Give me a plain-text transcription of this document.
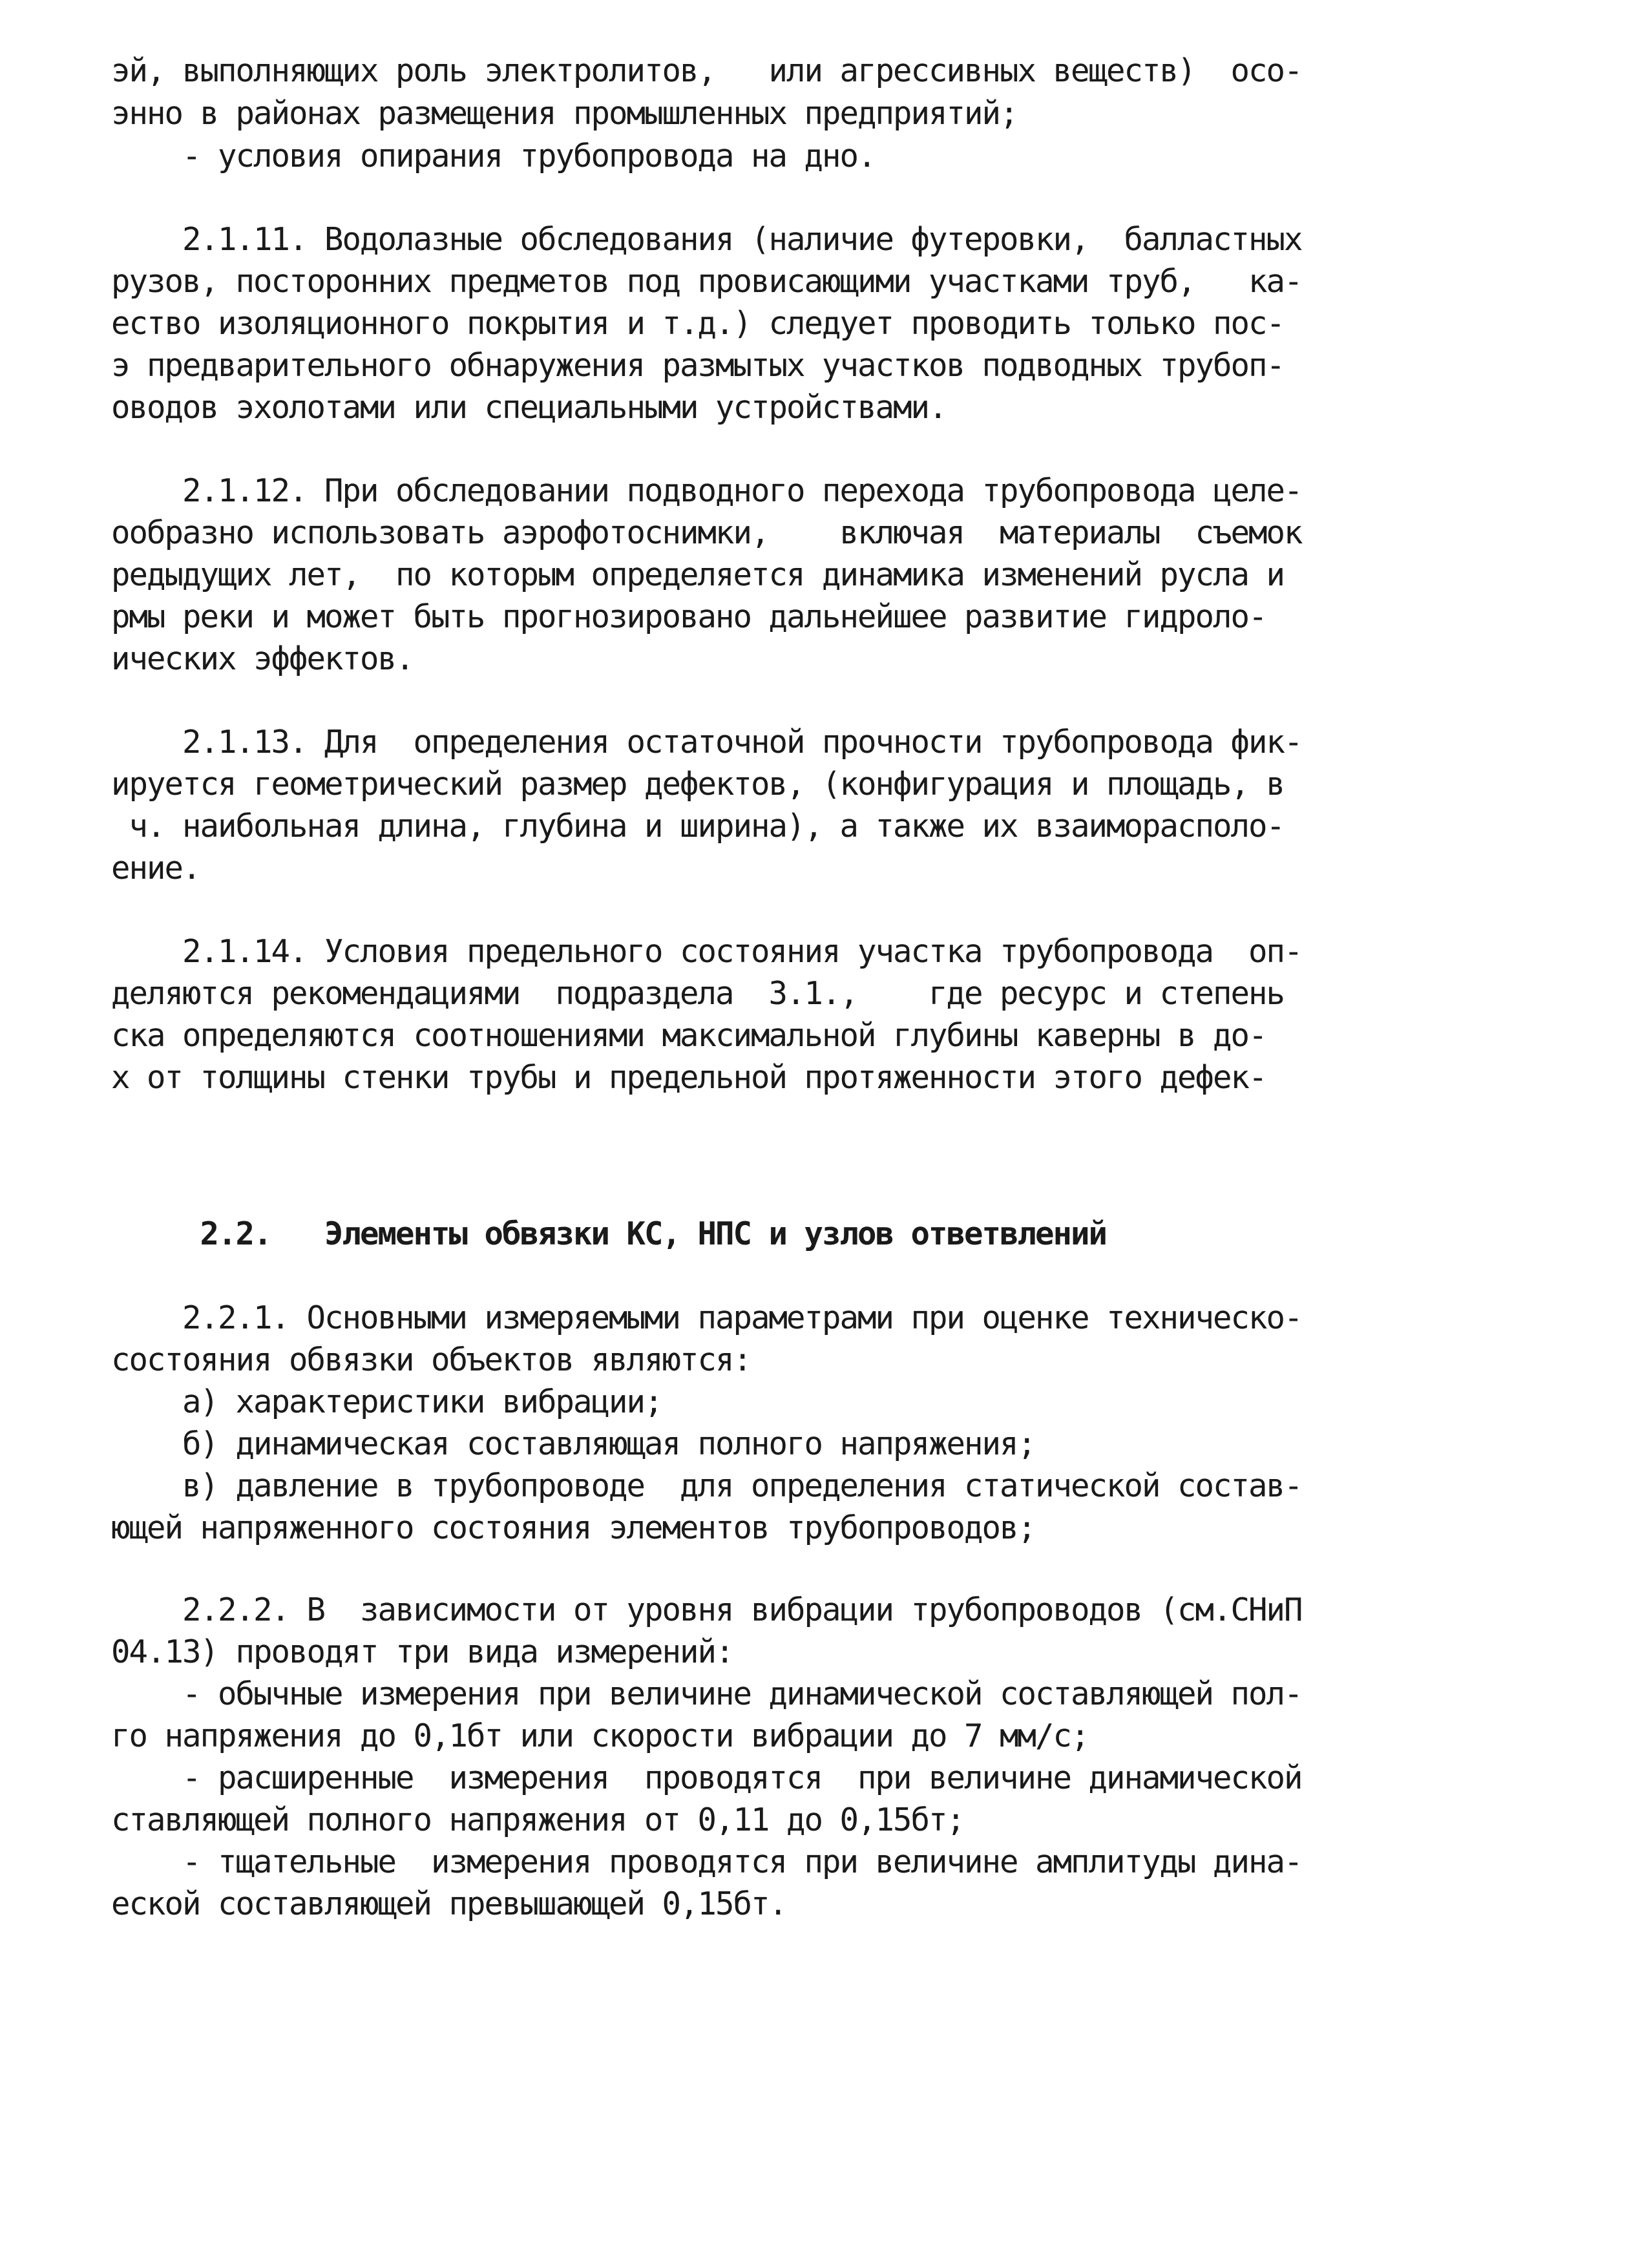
эй, выполняющих роль электролитов,   или агрессивных веществ)  осо-
энно в районах размещения промышленных предприятий;
- условия опирания трубопровода на дно.
2.1.11. Водолазные обследования (наличие футеровки,  балластных
рузов, посторонних предметов под провисающими участками труб,   ка-
ество изоляционного покрытия и т.д.) следует проводить только пос-
э предварительного обнаружения размытых участков подводных трубоп-
оводов эхолотами или специальными устройствами.
2.1.12. При обследовании подводного перехода трубопровода целе-
ообразно использовать аэрофотоснимки,    включая  материалы  съемок
редыдущих лет,  по которым определяется динамика изменений русла и
рмы реки и может быть прогнозировано дальнейшее развитие гидроло-
ических эффектов.
2.1.13. Для  определения остаточной прочности трубопровода фик-
ируется геометрический размер дефектов, (конфигурация и площадь, в
ч. наибольная длина, глубина и ширина), а также их взаиморасполо-
ение.
2.1.14. Условия предельного состояния участка трубопровода  оп-
деляются рекомендациями  подраздела  3.1.,    где ресурс и степень
ска определяются соотношениями максимальной глубины каверны в до-
х от толщины стенки трубы и предельной протяженности этого дефек-
2.2.   Элементы обвязки КС, НПС и узлов ответвлений
2.2.1. Основными измеряемыми параметрами при оценке техническо-
состояния обвязки объектов являются:
а) характеристики вибрации;
б) динамическая составляющая полного напряжения;
в) давление в трубопроводе  для определения статической состав-
ющей напряженного состояния элементов трубопроводов;
2.2.2. В  зависимости от уровня вибрации трубопроводов (см.СНиП
04.13) проводят три вида измерений:
- обычные измерения при величине динамической составляющей пол-
го напряжения до 0,1бт или скорости вибрации до 7 мм/с;
- расширенные  измерения  проводятся  при величине динамической
ставляющей полного напряжения от 0,11 до 0,15бт;
- тщательные  измерения проводятся при величине амплитуды дина-
еской составляющей превышающей 0,15бт.
